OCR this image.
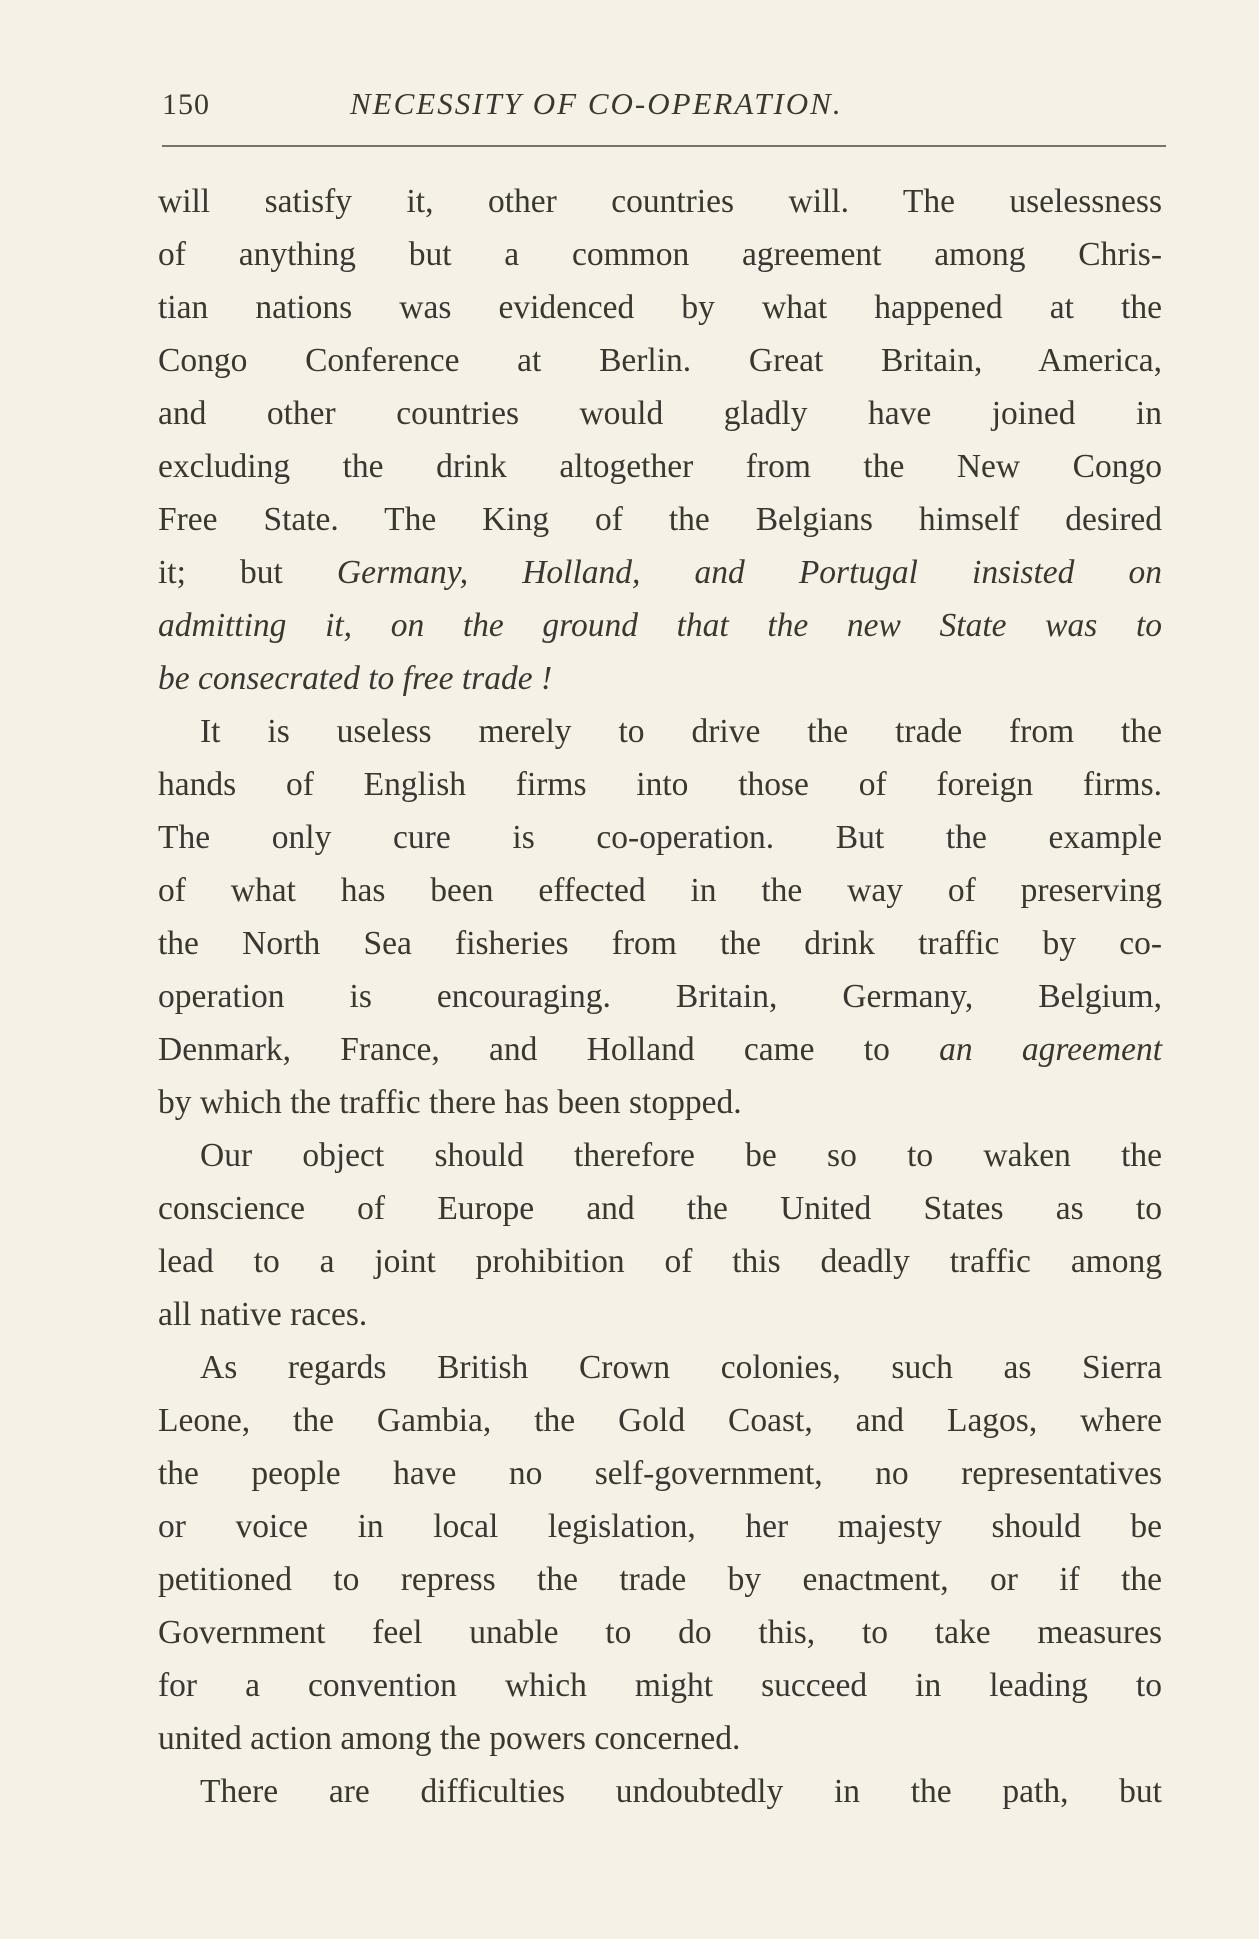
150	NECESSITY OF CO-OPERATION.
will satisfy it, other countries will. The uselessness
of anything but a common agreement among Chris-
tian nations was evidenced by what happened at the
Congo Conference at Berlin. Great Britain, America,
and other countries would gladly have joined in
excluding the drink altogether from the New Congo
Free State. The King of the Belgians himself desired
it; but Germany, Holland, and Portugal insisted on
admitting it, on the ground that the new State was to
be consecrated to free trade !
It is useless merely to drive the trade from the
hands of English firms into those of foreign firms.
The only cure is co-operation. But the example
of what has been effected in the way of preserving
the North Sea fisheries from the drink traffic by co-
operation is encouraging. Britain, Germany, Belgium,
Denmark, France, and Holland came to an agreement
by which the traffic there has been stopped.
Our object should therefore be so to waken the
conscience of Europe and the United States as to
lead to a joint prohibition of this deadly traffic among
all native races.
As regards British Crown colonies, such as Sierra
Leone, the Gambia, the Gold Coast, and Lagos, where
the people have no self-government, no representatives
or voice in local legislation, her majesty should be
petitioned to repress the trade by enactment, or if the
Government feel unable to do this, to take measures
for a convention which might succeed in leading to
united action among the powers concerned.
There are difficulties undoubtedly in the path, but
